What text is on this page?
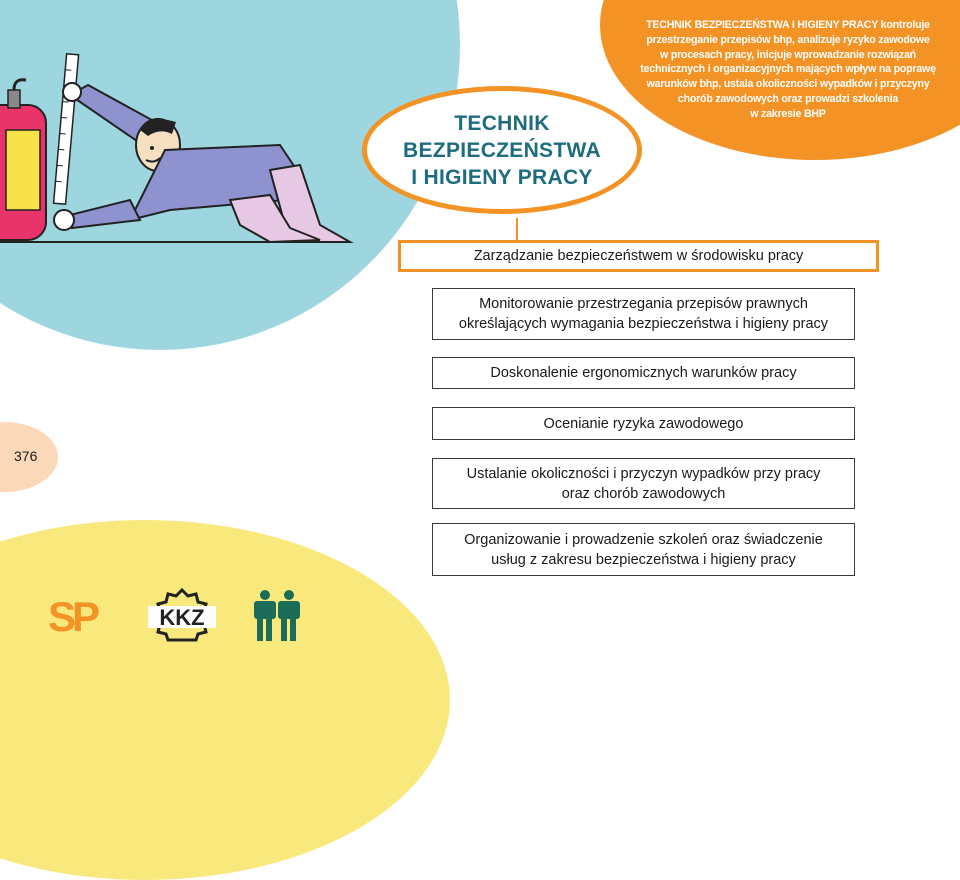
TECHNIK BEZPIECZEŃSTWA I HIGIENY PRACY kontroluje
przestrzeganie przepisów bhp, analizuje ryzyko zawodowe
w procesach pracy, inicjuje wprowadzanie rozwiązań
technicznych i organizacyjnych mających wpływ na poprawę
warunków bhp, ustala okoliczności wypadków i przyczyny
chorób zawodowych oraz prowadzi szkolenia
w zakresie BHP
TECHNIK
BEZPIECZEŃSTWA
I HIGIENY PRACY
Zarządzanie bezpieczeństwem w środowisku pracy
Monitorowanie przestrzegania przepisów prawnych
określających wymagania bezpieczeństwa i higieny pracy
Doskonalenie ergonomicznych warunków pracy
Ocenianie ryzyka zawodowego
Ustalanie okoliczności i przyczyn wypadków przy pracy
oraz chorób zawodowych
Organizowanie i prowadzenie szkoleń oraz świadczenie
usług z zakresu bezpieczeństwa i higieny pracy
376
SP	KKZ
